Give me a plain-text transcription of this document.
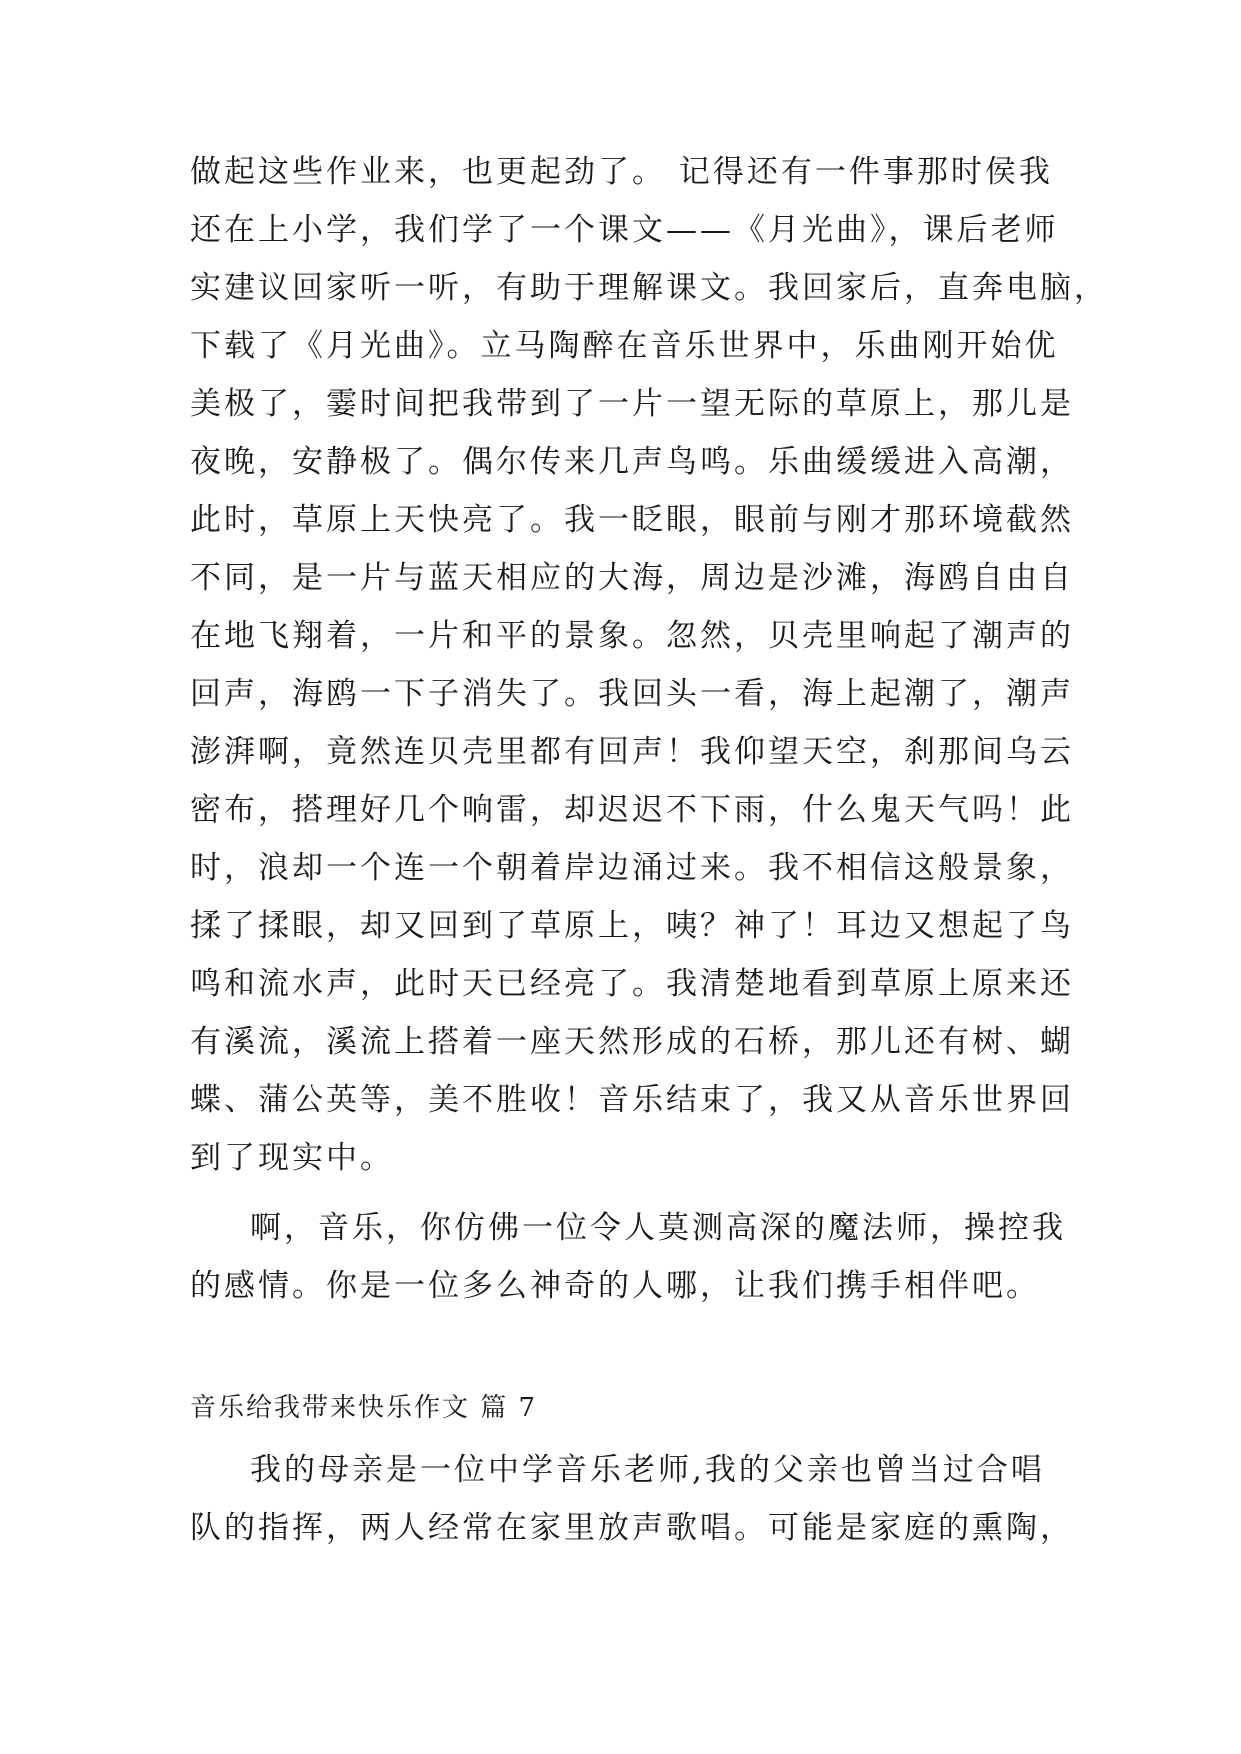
做起这些作业来，也更起劲了。 记得还有一件事那时侯我
还在上小学，我们学了一个课文——《月光曲》，课后老师
实建议回家听一听，有助于理解课文。我回家后，直奔电脑，
下载了《月光曲》。立马陶醉在音乐世界中，乐曲刚开始优
美极了，霎时间把我带到了一片一望无际的草原上，那儿是
夜晚，安静极了。偶尔传来几声鸟鸣。乐曲缓缓进入高潮，
此时，草原上天快亮了。我一眨眼，眼前与刚才那环境截然
不同，是一片与蓝天相应的大海，周边是沙滩，海鸥自由自
在地飞翔着，一片和平的景象。忽然，贝壳里响起了潮声的
回声，海鸥一下子消失了。我回头一看，海上起潮了，潮声
澎湃啊，竟然连贝壳里都有回声！我仰望天空，刹那间乌云
密布，搭理好几个响雷，却迟迟不下雨，什么鬼天气吗！此
时，浪却一个连一个朝着岸边涌过来。我不相信这般景象，
揉了揉眼，却又回到了草原上，咦？神了！耳边又想起了鸟
鸣和流水声，此时天已经亮了。我清楚地看到草原上原来还
有溪流，溪流上搭着一座天然形成的石桥，那儿还有树、蝴
蝶、蒲公英等，美不胜收！音乐结束了，我又从音乐世界回
到了现实中。
啊，音乐，你仿佛一位令人莫测高深的魔法师，操控我
的感情。你是一位多么神奇的人哪，让我们携手相伴吧。
音乐给我带来快乐作文 篇 7
我的母亲是一位中学音乐老师,我的父亲也曾当过合唱
队的指挥，两人经常在家里放声歌唱。可能是家庭的熏陶，
